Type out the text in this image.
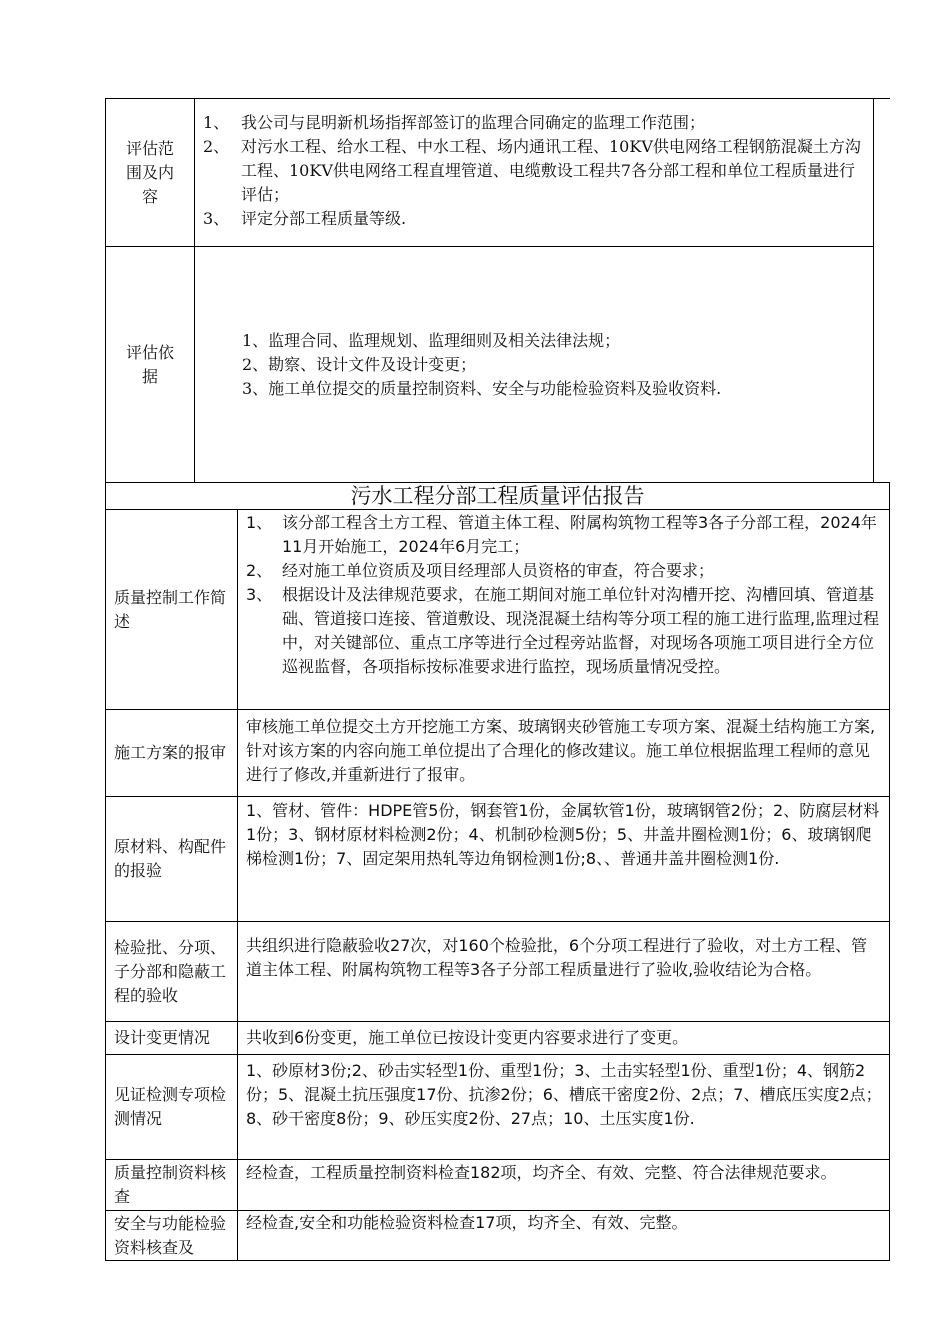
评估范围及内容
1、 我公司与昆明新机场指挥部签订的监理合同确定的监理工作范围；
2、 对污水工程、给水工程、中水工程、场内通讯工程、10KV供电网络工程钢筋混凝土方沟工程、10KV供电网络工程直埋管道、电缆敷设工程共7各分部工程和单位工程质量进行评估；
3、 评定分部工程质量等级.
评估依据
1、监理合同、监理规划、监理细则及相关法律法规；
2、勘察、设计文件及设计变更；
3、施工单位提交的质量控制资料、安全与功能检验资料及验收资料.
污水工程分部工程质量评估报告
质量控制工作简述
1、 该分部工程含土方工程、管道主体工程、附属构筑物工程等3各子分部工程，2024年11月开始施工，2024年6月完工；
2、 经对施工单位资质及项目经理部人员资格的审查，符合要求；
3、 根据设计及法律规范要求，在施工期间对施工单位针对沟槽开挖、沟槽回填、管道基础、管道接口连接、管道敷设、现浇混凝土结构等分项工程的施工进行监理,监理过程中，对关键部位、重点工序等进行全过程旁站监督，对现场各项施工项目进行全方位巡视监督，各项指标按标准要求进行监控，现场质量情况受控。
施工方案的报审
审核施工单位提交土方开挖施工方案、玻璃钢夹砂管施工专项方案、混凝土结构施工方案,针对该方案的内容向施工单位提出了合理化的修改建议。施工单位根据监理工程师的意见进行了修改,并重新进行了报审。
原材料、构配件的报验
1、管材、管件：HDPE管5份，钢套管1份，金属软管1份，玻璃钢管2份；2、防腐层材料1份；3、钢材原材料检测2份；4、机制砂检测5份；5、井盖井圈检测1份；6、玻璃钢爬梯检测1份；7、固定架用热轧等边角钢检测1份;8、、普通井盖井圈检测1份.
检验批、分项、子分部和隐蔽工程的验收
共组织进行隐蔽验收27次，对160个检验批，6个分项工程进行了验收，对土方工程、管道主体工程、附属构筑物工程等3各子分部工程质量进行了验收,验收结论为合格。
设计变更情况	共收到6份变更，施工单位已按设计变更内容要求进行了变更。
见证检测专项检测情况
1、砂原材3份;2、砂击实轻型1份、重型1份；3、土击实轻型1份、重型1份；4、钢筋2份；5、混凝土抗压强度17份、抗渗2份；6、槽底干密度2份、2点；7、槽底压实度2点；8、砂干密度8份；9、砂压实度2份、27点；10、土压实度1份.
质量控制资料核查
经检查，工程质量控制资料检查182项，均齐全、有效、完整、符合法律规范要求。
安全与功能检验资料核查及
经检查,安全和功能检验资料检查17项，均齐全、有效、完整。
